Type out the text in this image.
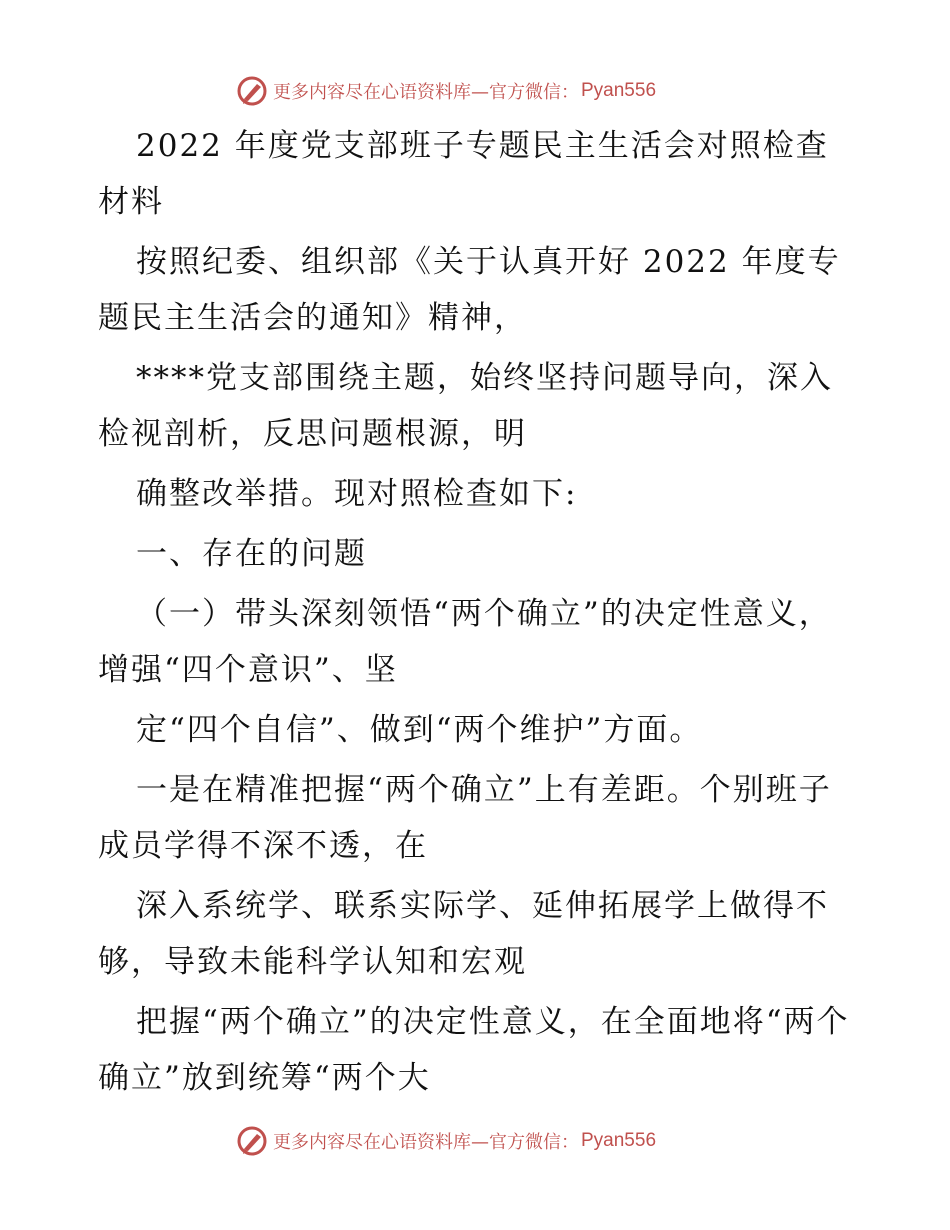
更多内容尽在心语资料库—官方微信： Pyan556

2022 年度党支部班子专题民主生活会对照检查材料

按照纪委、组织部《关于认真开好 2022 年度专题民主生活会的通知》精神，

****党支部围绕主题，始终坚持问题导向，深入检视剖析，反思问题根源，明

确整改举措。现对照检查如下:

一、存在的问题

（一）带头深刻领悟“两个确立”的决定性意义，增强“四个意识”、坚

定“四个自信”、做到“两个维护”方面。

一是在精准把握“两个确立”上有差距。个别班子成员学得不深不透，在

深入系统学、联系实际学、延伸拓展学上做得不够，导致未能科学认知和宏观

把握“两个确立”的决定性意义，在全面地将“两个确立”放到统筹“两个大

更多内容尽在心语资料库—官方微信： Pyan556
